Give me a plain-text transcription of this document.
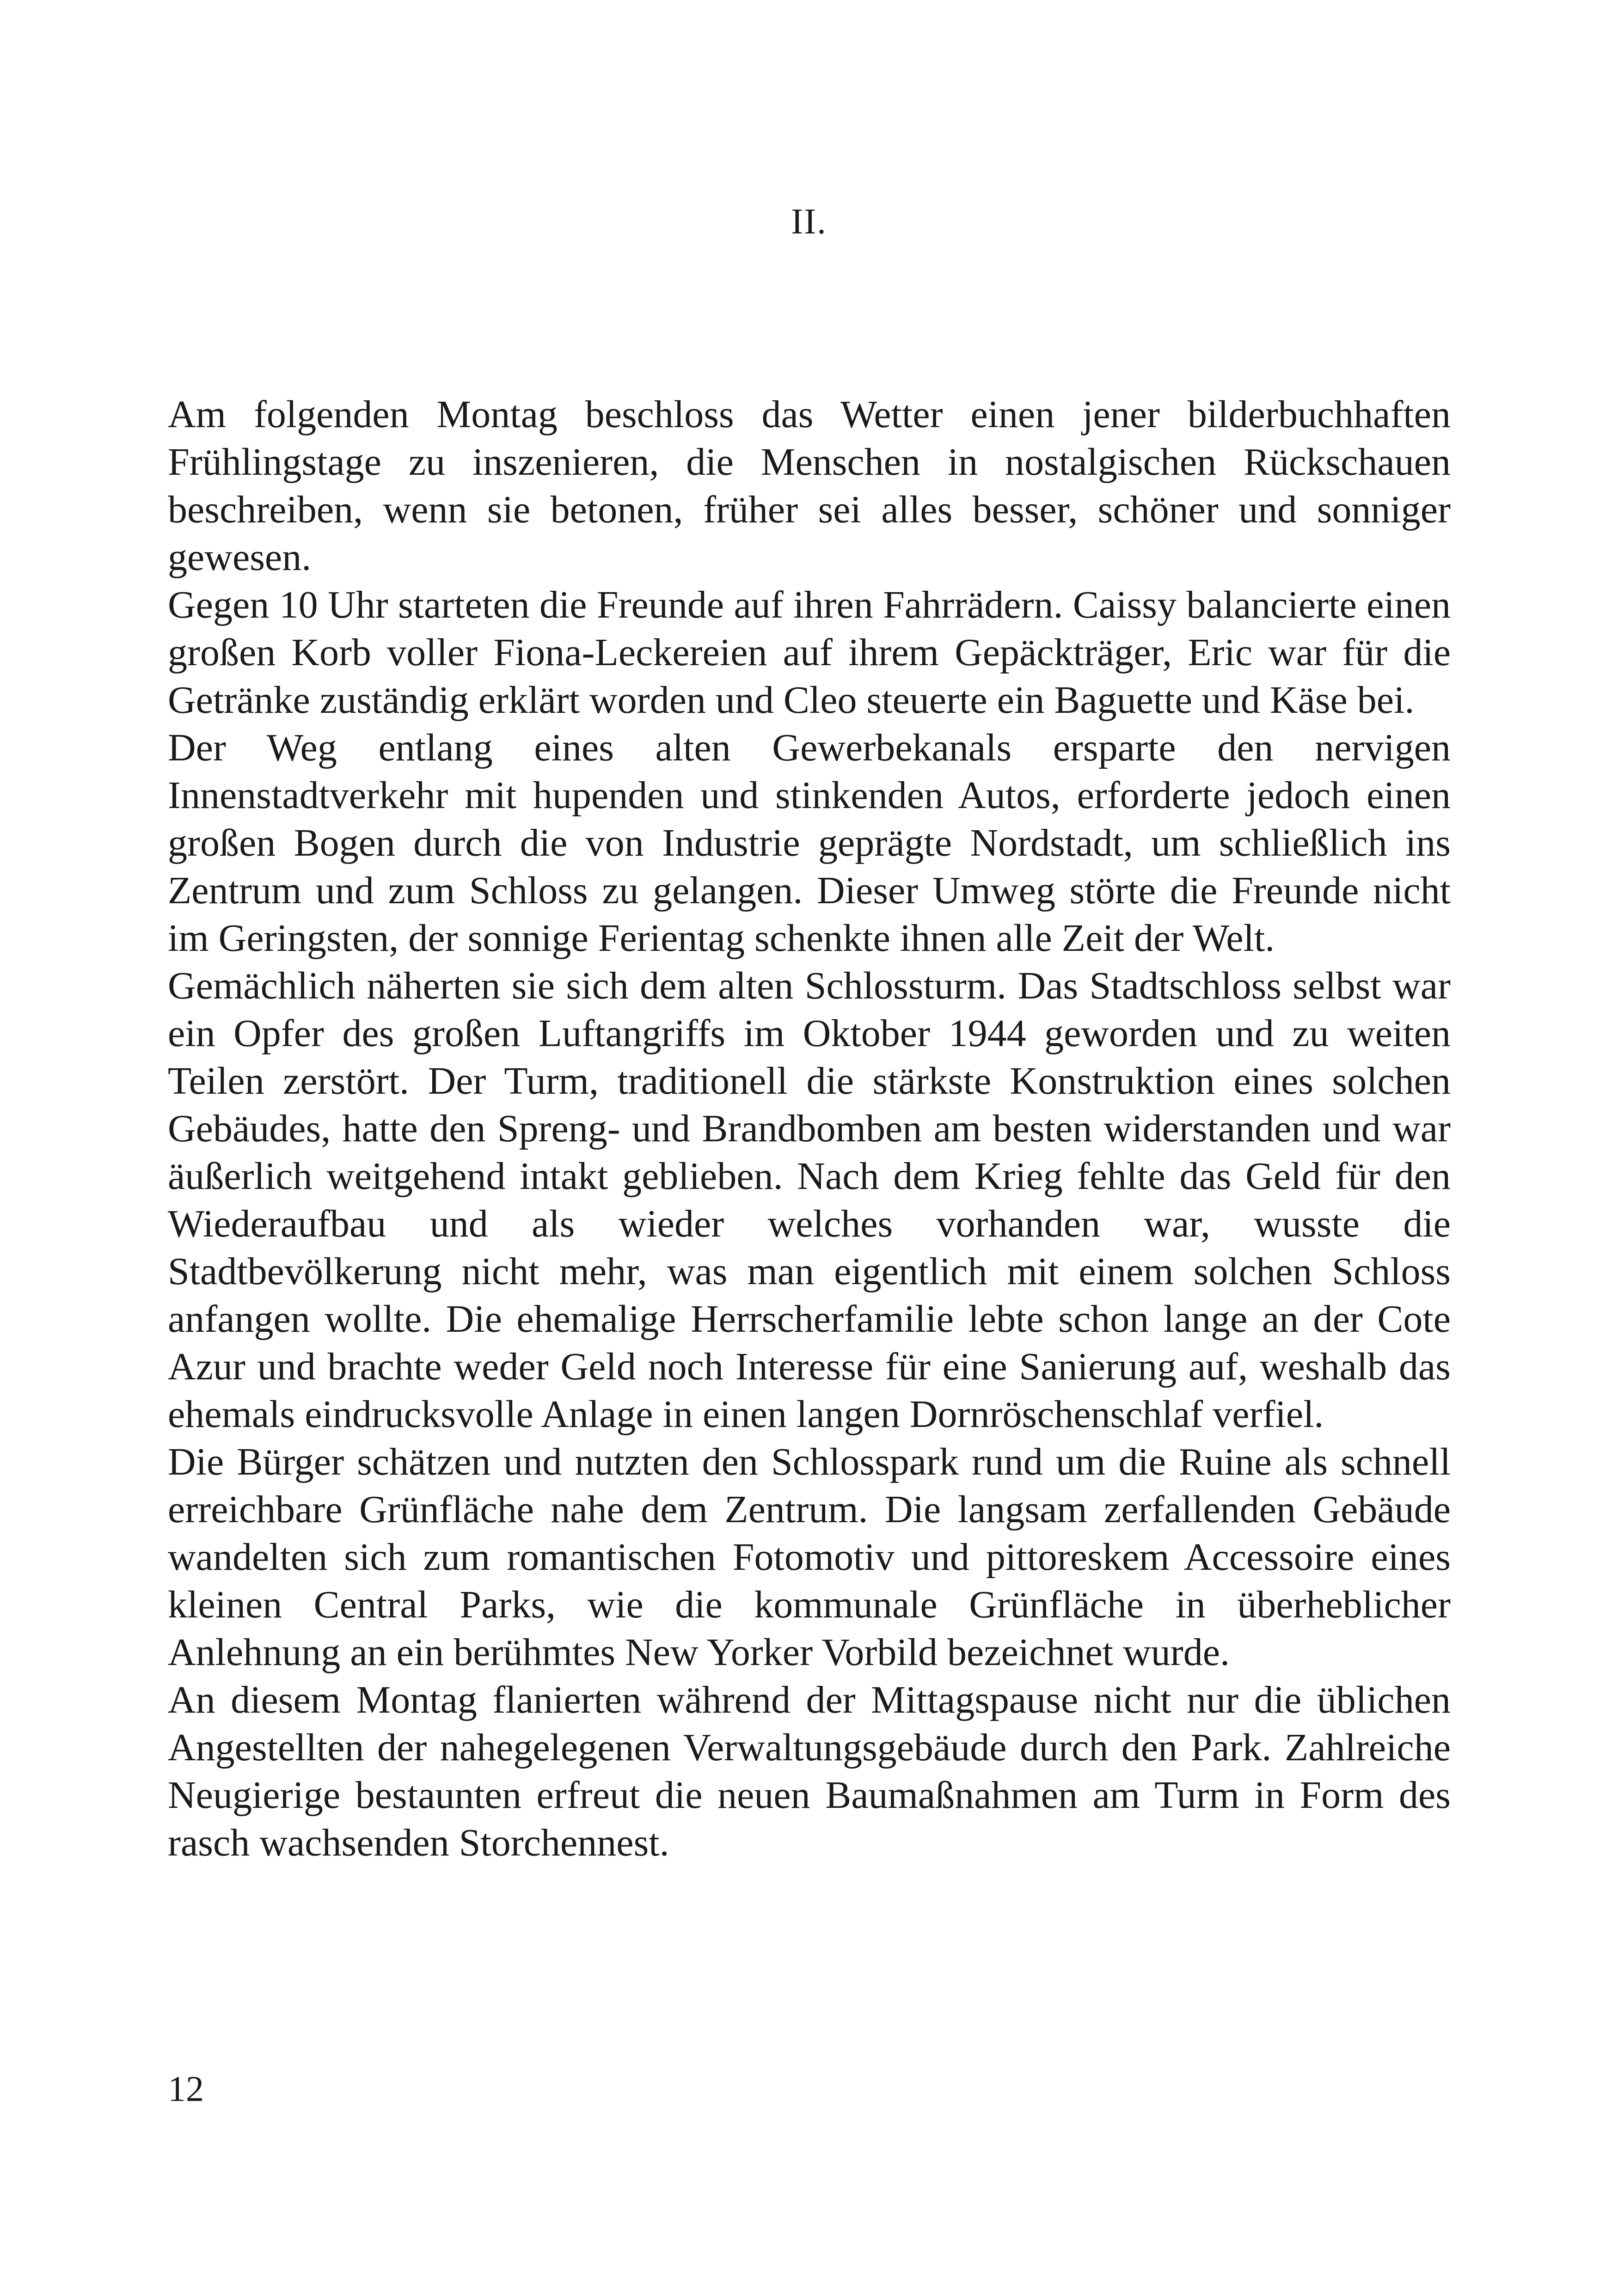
II.

Am folgenden Montag beschloss das Wetter einen jener bilderbuchhaften Frühlingstage zu inszenieren, die Menschen in nostalgischen Rückschauen beschreiben, wenn sie betonen, früher sei alles besser, schöner und sonniger gewesen.

Gegen 10 Uhr starteten die Freunde auf ihren Fahrrädern. Caissy balancierte einen großen Korb voller Fiona-Leckereien auf ihrem Gepäckträger, Eric war für die Getränke zuständig erklärt worden und Cleo steuerte ein Baguette und Käse bei.

Der Weg entlang eines alten Gewerbekanals ersparte den nervigen Innenstadtverkehr mit hupenden und stinkenden Autos, erforderte jedoch einen großen Bogen durch die von Industrie geprägte Nordstadt, um schließlich ins Zentrum und zum Schloss zu gelangen. Dieser Umweg störte die Freunde nicht im Geringsten, der sonnige Ferientag schenkte ihnen alle Zeit der Welt.

Gemächlich näherten sie sich dem alten Schlossturm. Das Stadtschloss selbst war ein Opfer des großen Luftangriffs im Oktober 1944 geworden und zu weiten Teilen zerstört. Der Turm, traditionell die stärkste Konstruktion eines solchen Gebäudes, hatte den Spreng- und Brandbomben am besten widerstanden und war äußerlich weitgehend intakt geblieben. Nach dem Krieg fehlte das Geld für den Wiederaufbau und als wieder welches vorhanden war, wusste die Stadtbevölkerung nicht mehr, was man eigentlich mit einem solchen Schloss anfangen wollte. Die ehemalige Herrscherfamilie lebte schon lange an der Cote Azur und brachte weder Geld noch Interesse für eine Sanierung auf, weshalb das ehemals eindrucksvolle Anlage in einen langen Dornröschenschlaf verfiel.

Die Bürger schätzen und nutzten den Schlosspark rund um die Ruine als schnell erreichbare Grünfläche nahe dem Zentrum. Die langsam zerfallenden Gebäude wandelten sich zum romantischen Fotomotiv und pittoreskem Accessoire eines kleinen Central Parks, wie die kommunale Grünfläche in überheblicher Anlehnung an ein berühmtes New Yorker Vorbild bezeichnet wurde.

An diesem Montag flanierten während der Mittagspause nicht nur die üblichen Angestellten der nahegelegenen Verwaltungsgebäude durch den Park. Zahlreiche Neugierige bestaunten erfreut die neuen Baumaßnahmen am Turm in Form des rasch wachsenden Storchennest.

12
